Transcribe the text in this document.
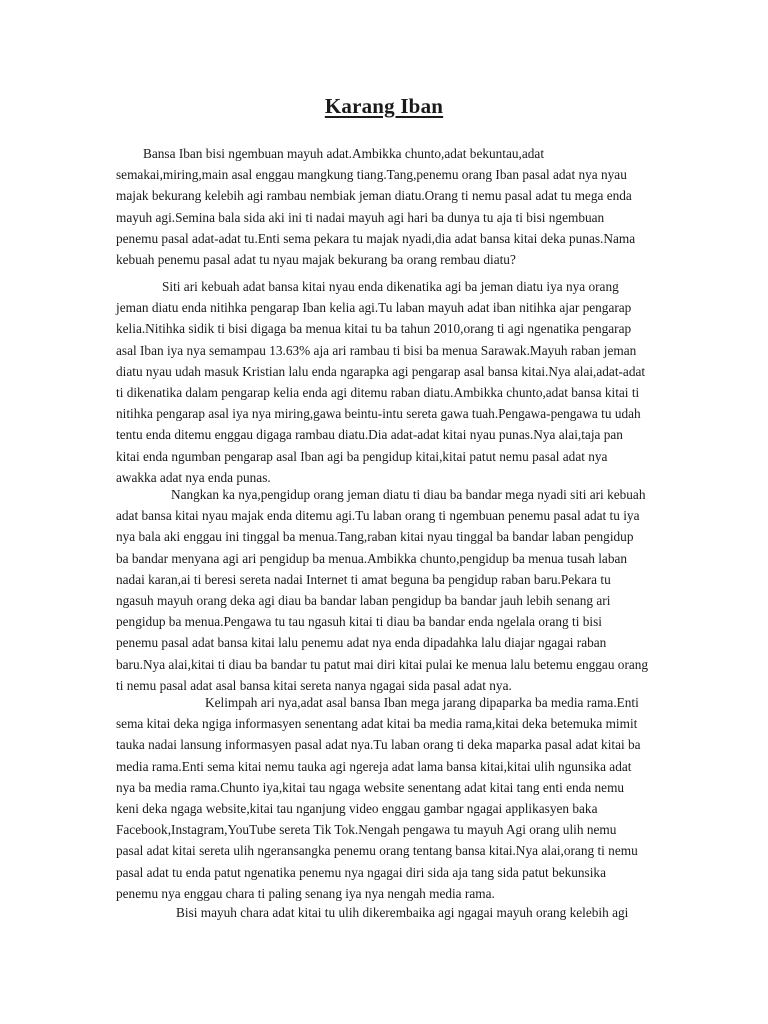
Karang Iban
Bansa Iban bisi ngembuan mayuh adat.Ambikka chunto,adat bekuntau,adat
semakai,miring,main asal enggau mangkung tiang.Tang,penemu orang Iban pasal adat nya nyau
majak bekurang kelebih agi rambau nembiak jeman diatu.Orang ti nemu pasal adat tu mega enda
mayuh agi.Semina bala sida aki ini ti nadai mayuh agi hari ba dunya tu aja ti bisi ngembuan
penemu pasal adat-adat tu.Enti sema pekara tu majak nyadi,dia adat bansa kitai deka punas.Nama
kebuah penemu pasal adat tu nyau majak bekurang ba orang rembau diatu?
Siti ari kebuah adat bansa kitai nyau enda dikenatika agi ba jeman diatu iya nya orang
jeman diatu enda nitihka pengarap Iban kelia agi.Tu laban mayuh adat iban nitihka ajar pengarap
kelia.Nitihka sidik ti bisi digaga ba menua kitai tu ba tahun 2010,orang ti agi ngenatika pengarap
asal Iban iya nya semampau 13.63% aja ari rambau ti bisi ba menua Sarawak.Mayuh raban jeman
diatu nyau udah masuk Kristian lalu enda ngarapka agi pengarap asal bansa kitai.Nya alai,adat-adat
ti dikenatika dalam pengarap kelia enda agi ditemu raban diatu.Ambikka chunto,adat bansa kitai ti
nitihka pengarap asal iya nya miring,gawa beintu-intu sereta gawa tuah.Pengawa-pengawa tu udah
tentu enda ditemu enggau digaga rambau diatu.Dia adat-adat kitai nyau punas.Nya alai,taja pan
kitai enda ngumban pengarap asal Iban agi ba pengidup kitai,kitai patut nemu pasal adat nya
awakka adat nya enda punas.
Nangkan ka nya,pengidup orang jeman diatu ti diau ba bandar mega nyadi siti ari kebuah
adat bansa kitai nyau majak enda ditemu agi.Tu laban orang ti ngembuan penemu pasal adat tu iya
nya bala aki enggau ini tinggal ba menua.Tang,raban kitai nyau tinggal ba bandar laban pengidup
ba bandar menyana agi ari pengidup ba menua.Ambikka chunto,pengidup ba menua tusah laban
nadai karan,ai ti beresi sereta nadai Internet ti amat beguna ba pengidup raban baru.Pekara tu
ngasuh mayuh orang deka agi diau ba bandar laban pengidup ba bandar jauh lebih senang ari
pengidup ba menua.Pengawa tu tau ngasuh kitai ti diau ba bandar enda ngelala orang ti bisi
penemu pasal adat bansa kitai lalu penemu adat nya enda dipadahka lalu diajar ngagai raban
baru.Nya alai,kitai ti diau ba bandar tu patut mai diri kitai pulai ke menua lalu betemu enggau orang
ti nemu pasal adat asal bansa kitai sereta nanya ngagai sida pasal adat nya.
Kelimpah ari nya,adat asal bansa Iban mega jarang dipaparka ba media rama.Enti
sema kitai deka ngiga informasyen senentang adat kitai ba media rama,kitai deka betemuka mimit
tauka nadai lansung informasyen pasal adat nya.Tu laban orang ti deka maparka pasal adat kitai ba
media rama.Enti sema kitai nemu tauka agi ngereja adat lama bansa kitai,kitai ulih ngunsika adat
nya ba media rama.Chunto iya,kitai tau ngaga website senentang adat kitai tang enti enda nemu
keni deka ngaga website,kitai tau nganjung video enggau gambar ngagai applikasyen baka
Facebook,Instagram,YouTube sereta Tik Tok.Nengah pengawa tu mayuh Agi orang ulih nemu
pasal adat kitai sereta ulih ngeransangka penemu orang tentang bansa kitai.Nya alai,orang ti nemu
pasal adat tu enda patut ngenatika penemu nya ngagai diri sida aja tang sida patut bekunsika
penemu nya enggau chara ti paling senang iya nya nengah media rama.
Bisi mayuh chara adat kitai tu ulih dikerembaika agi ngagai mayuh orang kelebih agi
